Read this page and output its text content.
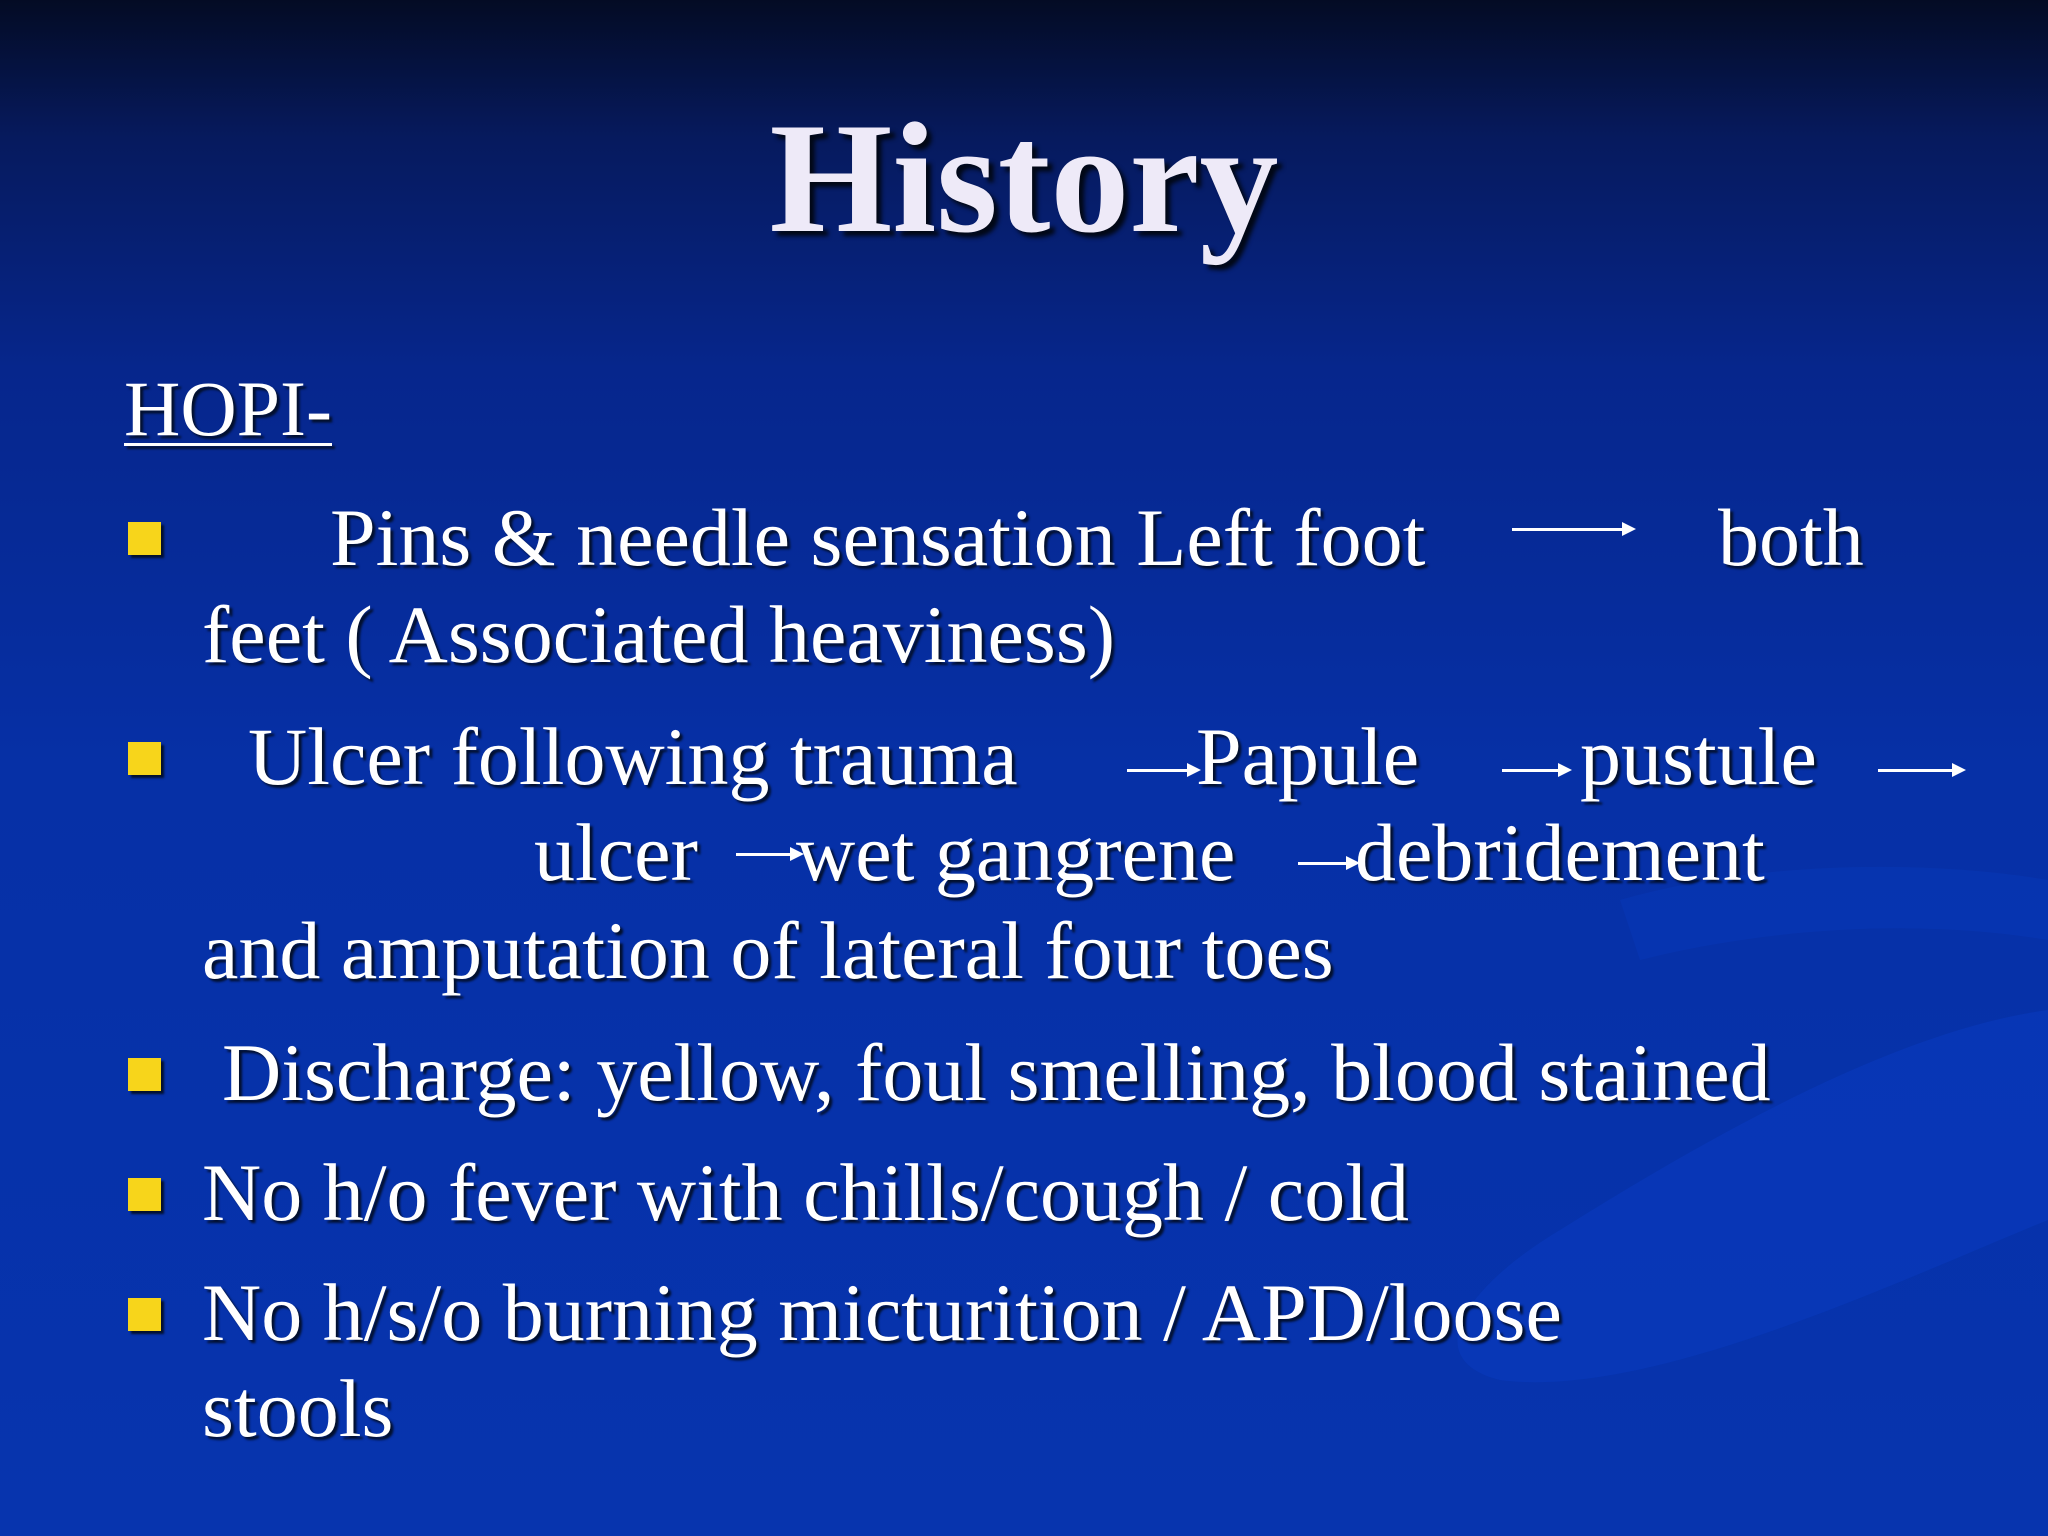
History
HOPI-
Pins & needle sensation Left foot	both
feet ( Associated heaviness)
Ulcer following trauma Papule pustule
ulcer wet gangrene debridement
and amputation of lateral four toes
Discharge: yellow, foul smelling, blood stained
No h/o fever with chills/cough / cold
No h/s/o burning micturition / APD/loose
stools
